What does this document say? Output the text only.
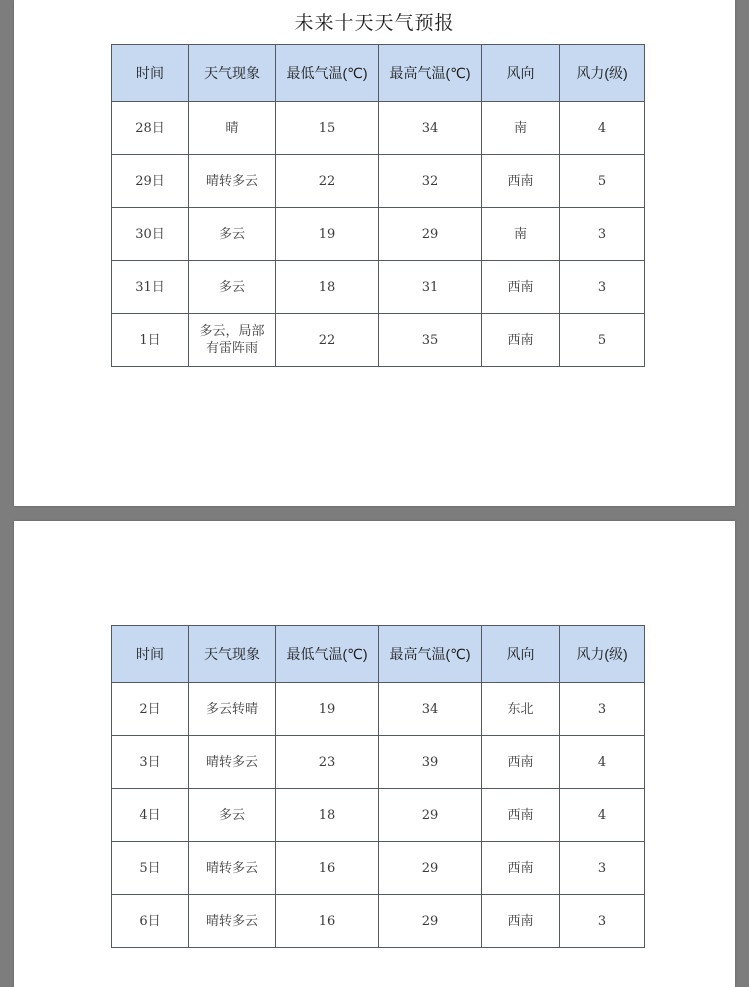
未来十天天气预报
时间	天气现象	最低气温(℃)	最高气温(℃)	风向	风力(级)
28日	晴	15	34	南	4
29日	晴转多云	22	32	西南	5
30日	多云	19	29	南	3
31日	多云	18	31	西南	3
1日	多云，局部有雷阵雨	22	35	西南	5
时间	天气现象	最低气温(℃)	最高气温(℃)	风向	风力(级)
2日	多云转晴	19	34	东北	3
3日	晴转多云	23	39	西南	4
4日	多云	18	29	西南	4
5日	晴转多云	16	29	西南	3
6日	晴转多云	16	29	西南	3
